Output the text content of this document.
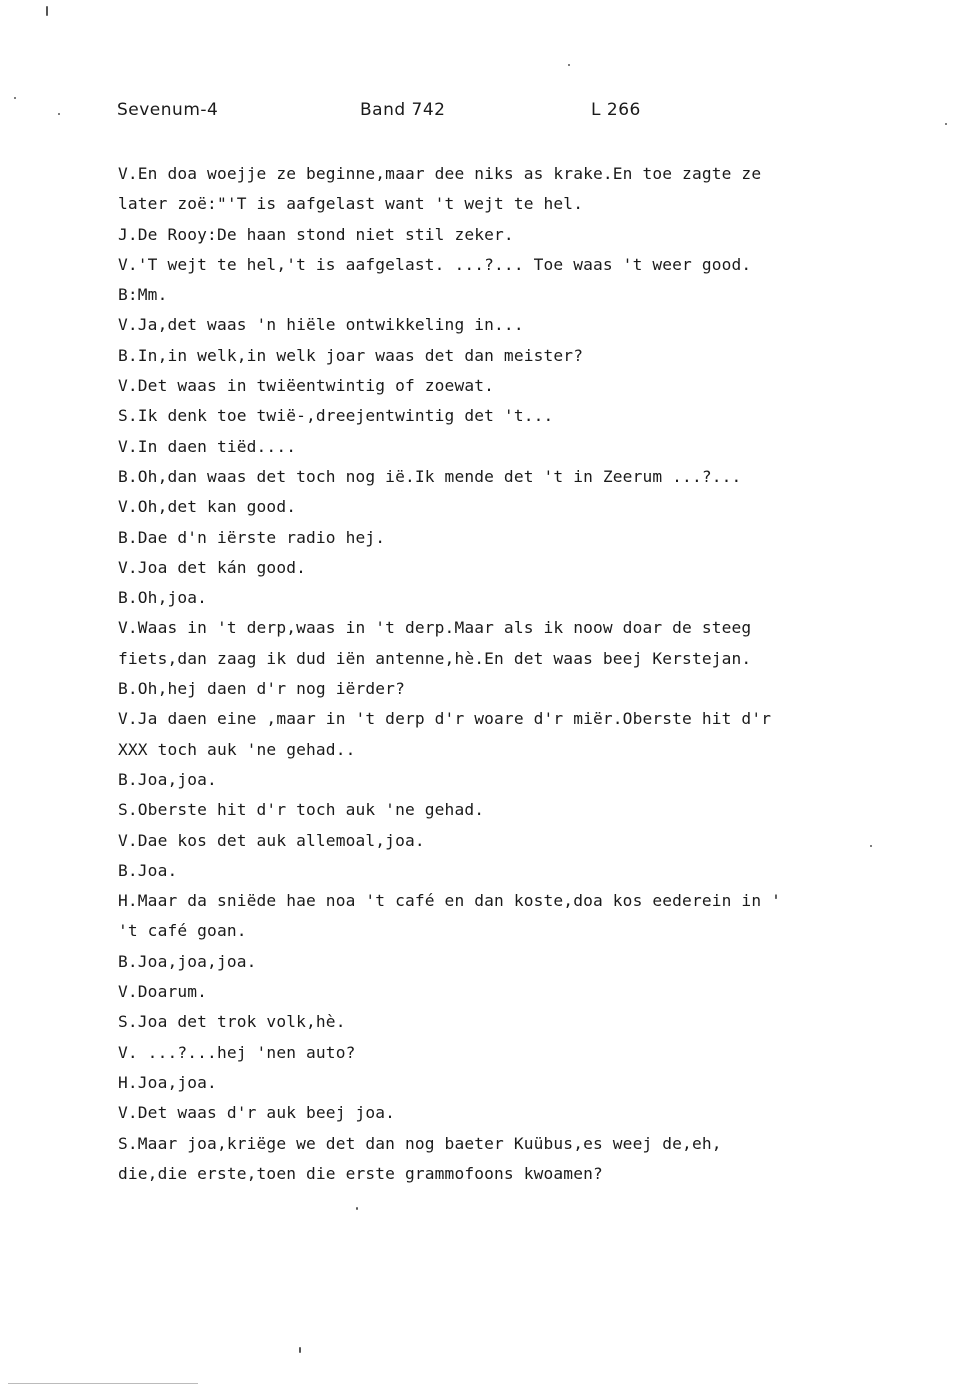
Sevenum-4	Band 742	L 266
V.En doa woejje ze beginne,maar dee niks as krake.En toe zagte ze
later zoë:"'T is aafgelast want 't wejt te hel.
J.De Rooy:De haan stond niet stil zeker.
V.'T wejt te hel,'t is aafgelast. ...?... Toe waas 't weer good.
B:Mm.
V.Ja,det waas 'n hiële ontwikkeling in...
B.In,in welk,in welk joar waas det dan meister?
V.Det waas in twiëentwintig of zoewat.
S.Ik denk toe twië-,dreejentwintig det 't...
V.In daen tiëd....
B.Oh,dan waas det toch nog ië.Ik mende det 't in Zeerum ...?...
V.Oh,det kan good.
B.Dae d'n iërste radio hej.
V.Joa det kán good.
B.Oh,joa.
V.Waas in 't derp,waas in 't derp.Maar als ik noow doar de steeg
fiets,dan zaag ik dud iën antenne,hè.En det waas beej Kerstejan.
B.Oh,hej daen d'r nog iërder?
V.Ja daen eine ,maar in 't derp d'r woare d'r miër.Oberste hit d'r
XXX toch auk 'ne gehad..
B.Joa,joa.
S.Oberste hit d'r toch auk 'ne gehad.
V.Dae kos det auk allemoal,joa.
B.Joa.
H.Maar da sniëde hae noa 't café en dan koste,doa kos eederein in '
't café goan.
B.Joa,joa,joa.
V.Doarum.
S.Joa det trok volk,hè.
V. ...?...hej 'nen auto?
H.Joa,joa.
V.Det waas d'r auk beej joa.
S.Maar joa,kriëge we det dan nog baeter Kuübus,es weej de,eh,
die,die erste,toen die erste grammofoons kwoamen?
